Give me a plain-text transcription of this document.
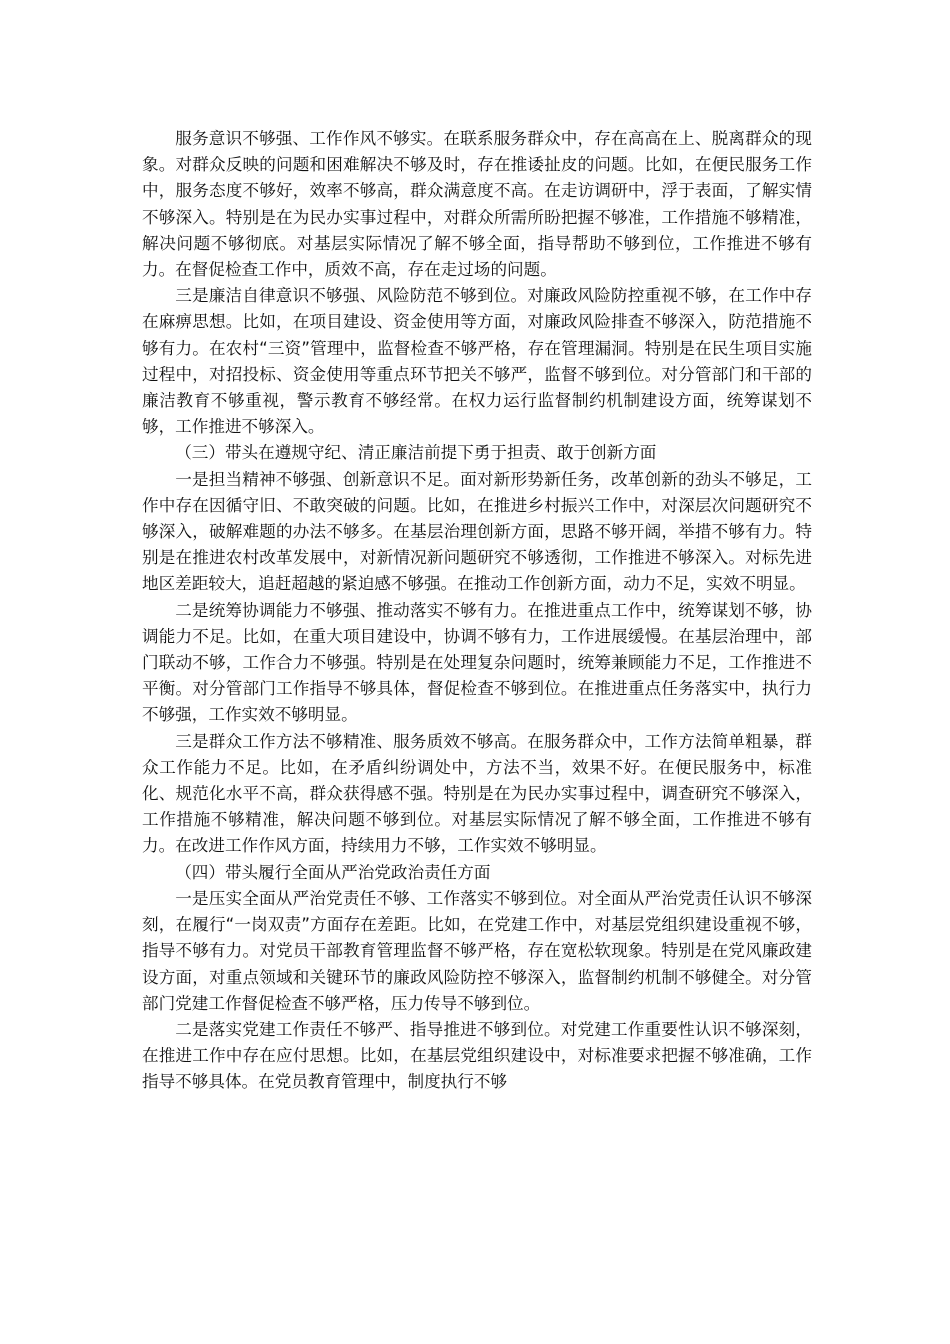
服务意识不够强、工作作风不够实。在联系服务群众中，存在高高在上、脱离群众的现象。对群众反映的问题和困难解决不够及时，存在推诿扯皮的问题。比如，在便民服务工作中，服务态度不够好，效率不够高，群众满意度不高。在走访调研中，浮于表面，了解实情不够深入。特别是在为民办实事过程中，对群众所需所盼把握不够准，工作措施不够精准，解决问题不够彻底。对基层实际情况了解不够全面，指导帮助不够到位，工作推进不够有力。在督促检查工作中，质效不高，存在走过场的问题。

三是廉洁自律意识不够强、风险防范不够到位。对廉政风险防控重视不够，在工作中存在麻痹思想。比如，在项目建设、资金使用等方面，对廉政风险排查不够深入，防范措施不够有力。在农村“三资”管理中，监督检查不够严格，存在管理漏洞。特别是在民生项目实施过程中，对招投标、资金使用等重点环节把关不够严，监督不够到位。对分管部门和干部的廉洁教育不够重视，警示教育不够经常。在权力运行监督制约机制建设方面，统筹谋划不够，工作推进不够深入。

（三）带头在遵规守纪、清正廉洁前提下勇于担责、敢于创新方面

一是担当精神不够强、创新意识不足。面对新形势新任务，改革创新的劲头不够足，工作中存在因循守旧、不敢突破的问题。比如，在推进乡村振兴工作中，对深层次问题研究不够深入，破解难题的办法不够多。在基层治理创新方面，思路不够开阔，举措不够有力。特别是在推进农村改革发展中，对新情况新问题研究不够透彻，工作推进不够深入。对标先进地区差距较大，追赶超越的紧迫感不够强。在推动工作创新方面，动力不足，实效不明显。

二是统筹协调能力不够强、推动落实不够有力。在推进重点工作中，统筹谋划不够，协调能力不足。比如，在重大项目建设中，协调不够有力，工作进展缓慢。在基层治理中，部门联动不够，工作合力不够强。特别是在处理复杂问题时，统筹兼顾能力不足，工作推进不平衡。对分管部门工作指导不够具体，督促检查不够到位。在推进重点任务落实中，执行力不够强，工作实效不够明显。

三是群众工作方法不够精准、服务质效不够高。在服务群众中，工作方法简单粗暴，群众工作能力不足。比如，在矛盾纠纷调处中，方法不当，效果不好。在便民服务中，标准化、规范化水平不高，群众获得感不强。特别是在为民办实事过程中，调查研究不够深入，工作措施不够精准，解决问题不够到位。对基层实际情况了解不够全面，工作推进不够有力。在改进工作作风方面，持续用力不够，工作实效不够明显。

（四）带头履行全面从严治党政治责任方面

一是压实全面从严治党责任不够、工作落实不够到位。对全面从严治党责任认识不够深刻，在履行“一岗双责”方面存在差距。比如，在党建工作中，对基层党组织建设重视不够，指导不够有力。对党员干部教育管理监督不够严格，存在宽松软现象。特别是在党风廉政建设方面，对重点领域和关键环节的廉政风险防控不够深入，监督制约机制不够健全。对分管部门党建工作督促检查不够严格，压力传导不够到位。

二是落实党建工作责任不够严、指导推进不够到位。对党建工作重要性认识不够深刻，在推进工作中存在应付思想。比如，在基层党组织建设中，对标准要求把握不够准确，工作指导不够具体。在党员教育管理中，制度执行不够
